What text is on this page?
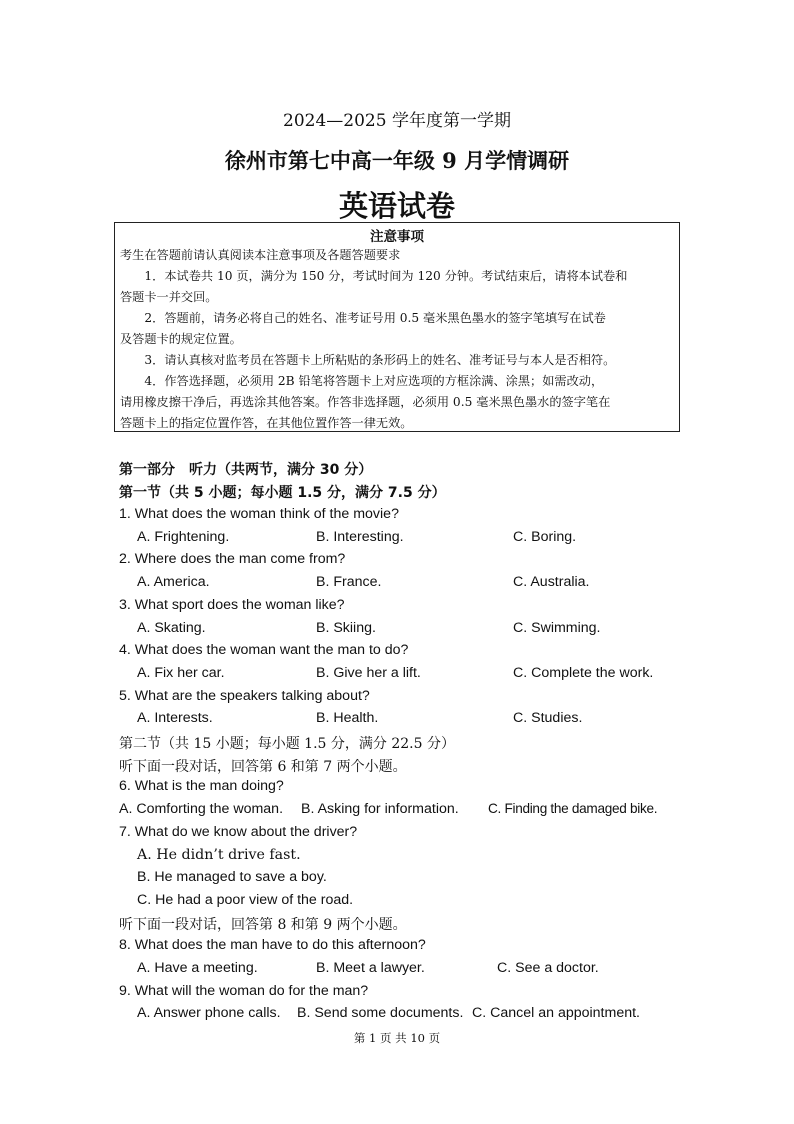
2024—2025 学年度第一学期
徐州市第七中高一年级 9 月学情调研
英语试卷
注意事项
考生在答题前请认真阅读本注意事项及各题答题要求
　　1．本试卷共 10 页，满分为 150 分，考试时间为 120 分钟。考试结束后，请将本试卷和
答题卡一并交回。
　　2．答题前，请务必将自己的姓名、准考证号用 0.5 毫米黑色墨水的签字笔填写在试卷
及答题卡的规定位置。
　　3．请认真核对监考员在答题卡上所粘贴的条形码上的姓名、准考证号与本人是否相符。
　　4．作答选择题，必须用 2B 铅笔将答题卡上对应选项的方框涂满、涂黑；如需改动，
请用橡皮擦干净后，再选涂其他答案。作答非选择题，必须用 0.5 毫米黑色墨水的签字笔在
答题卡上的指定位置作答，在其他位置作答一律无效。
第一部分　听力（共两节，满分 30 分）
第一节（共 5 小题；每小题 1.5 分，满分 7.5 分）
1. What does the woman think of the movie?
A. Frightening.	B. Interesting.	C. Boring.
2. Where does the man come from?
A. America.	B. France.	C. Australia.
3. What sport does the woman like?
A. Skating.	B. Skiing.	C. Swimming.
4. What does the woman want the man to do?
A. Fix her car.	B. Give her a lift.	C. Complete the work.
5. What are the speakers talking about?
A. Interests.	B. Health.	C. Studies.
第二节（共 15 小题；每小题 1.5 分，满分 22.5 分）
听下面一段对话，回答第 6 和第 7 两个小题。
6. What is the man doing?
A. Comforting the woman. B. Asking for information. C. Finding the damaged bike.
7. What do we know about the driver?
A. He didn’t drive fast.
B. He managed to save a boy.
C. He had a poor view of the road.
听下面一段对话，回答第 8 和第 9 两个小题。
8. What does the man have to do this afternoon?
A. Have a meeting.	B. Meet a lawyer.	C. See a doctor.
9. What will the woman do for the man?
A. Answer phone calls. B. Send some documents. C. Cancel an appointment.
第 1 页 共 10 页
